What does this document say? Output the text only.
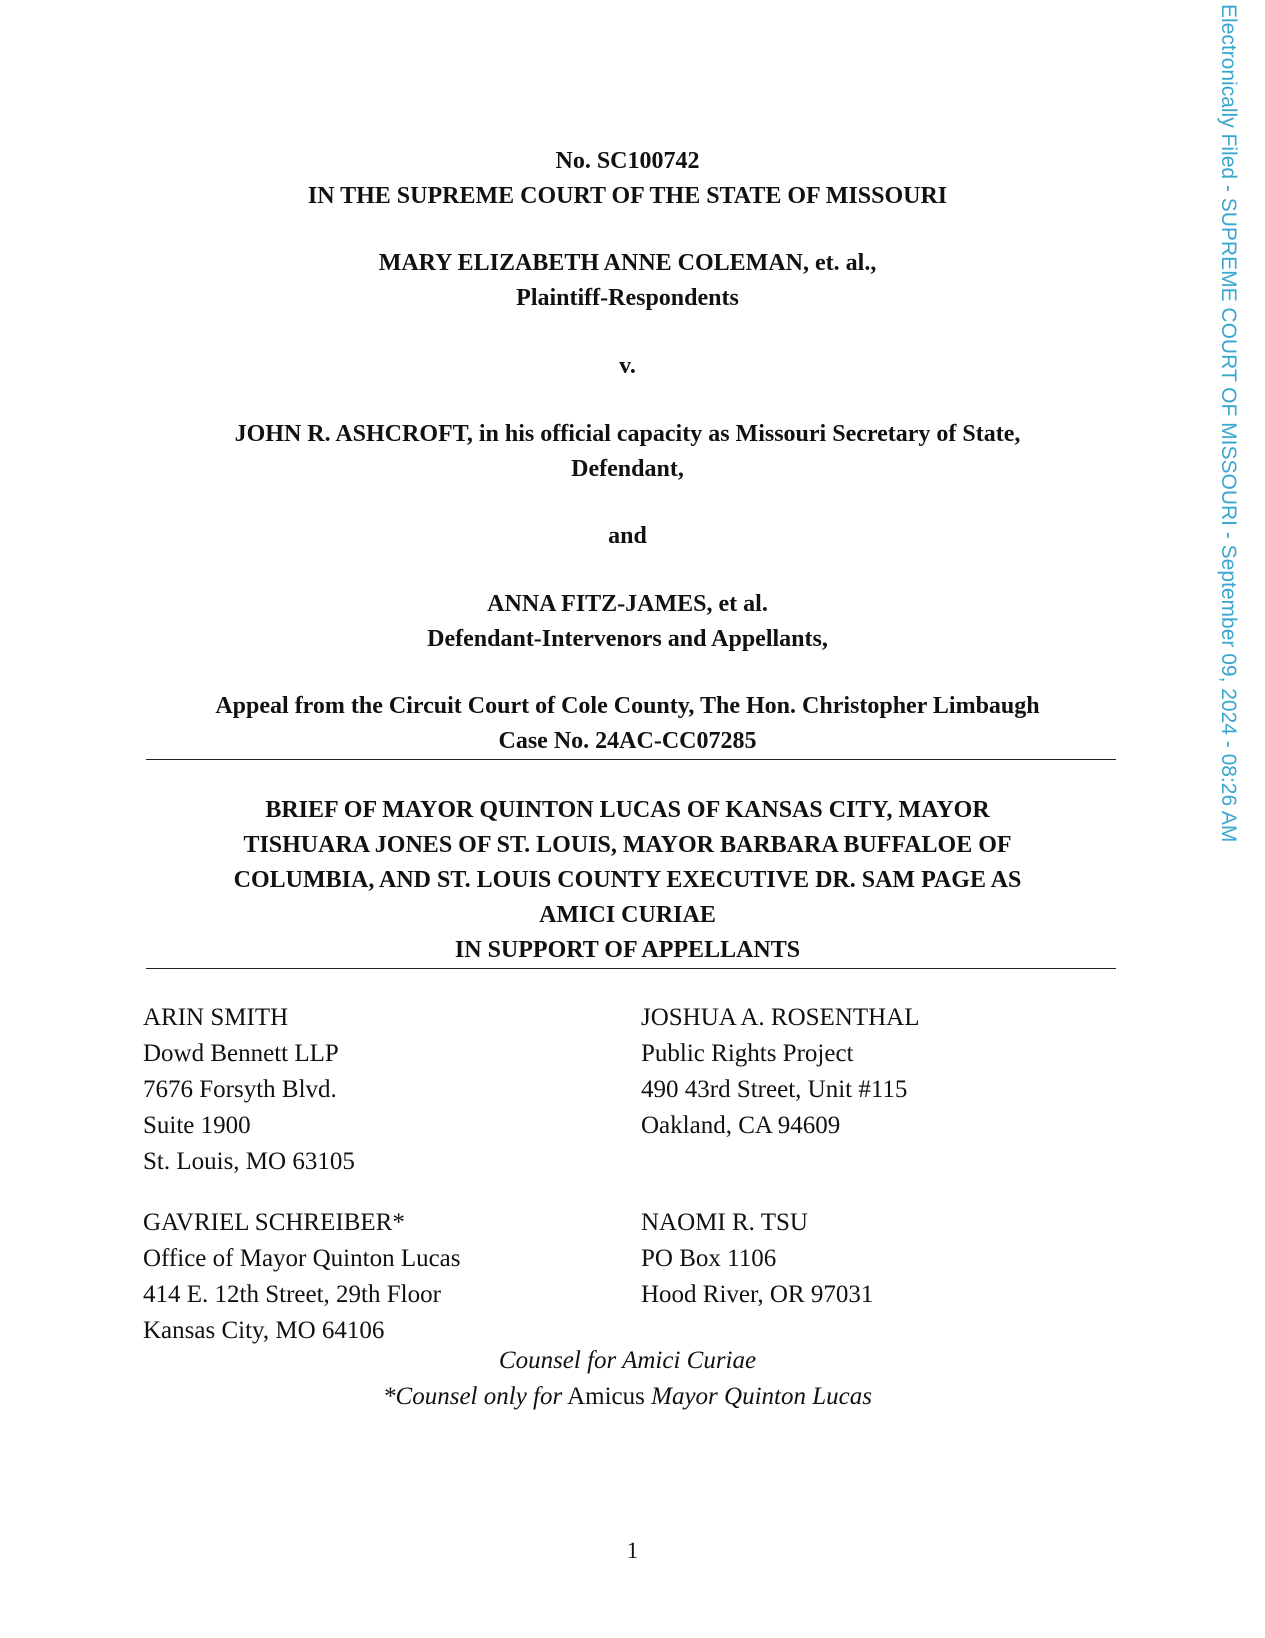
Electronically Filed - SUPREME COURT OF MISSOURI - September 09, 2024 - 08:26 AM
No. SC100742
IN THE SUPREME COURT OF THE STATE OF MISSOURI
MARY ELIZABETH ANNE COLEMAN, et. al.,
Plaintiff-Respondents
v.
JOHN R. ASHCROFT, in his official capacity as Missouri Secretary of State,
Defendant,
and
ANNA FITZ-JAMES, et al.
Defendant-Intervenors and Appellants,
Appeal from the Circuit Court of Cole County, The Hon. Christopher Limbaugh
Case No. 24AC-CC07285
BRIEF OF MAYOR QUINTON LUCAS OF KANSAS CITY, MAYOR
TISHUARA JONES OF ST. LOUIS, MAYOR BARBARA BUFFALOE OF
COLUMBIA, AND ST. LOUIS COUNTY EXECUTIVE DR. SAM PAGE AS
AMICI CURIAE
IN SUPPORT OF APPELLANTS
ARIN SMITH
Dowd Bennett LLP
7676 Forsyth Blvd.
Suite 1900
St. Louis, MO 63105
JOSHUA A. ROSENTHAL
Public Rights Project
490 43rd Street, Unit #115
Oakland, CA 94609
GAVRIEL SCHREIBER*
Office of Mayor Quinton Lucas
414 E. 12th Street, 29th Floor
Kansas City, MO 64106
NAOMI R. TSU
PO Box 1106
Hood River, OR 97031
Counsel for Amici Curiae
*Counsel only for Amicus Mayor Quinton Lucas
1
